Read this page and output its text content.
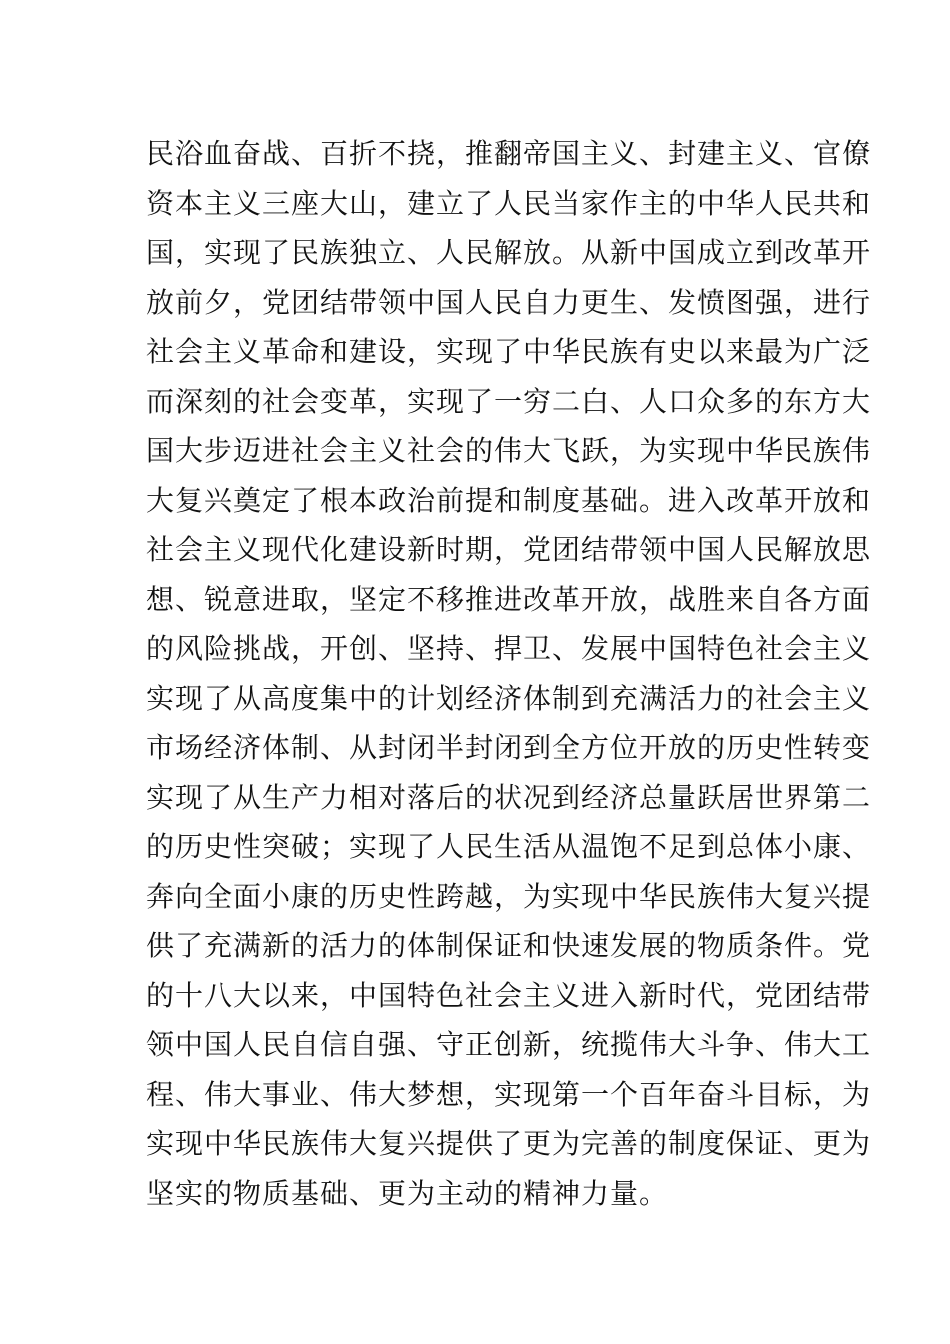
民浴血奋战、百折不挠，推翻帝国主义、封建主义、官僚
资本主义三座大山，建立了人民当家作主的中华人民共和
国，实现了民族独立、人民解放。从新中国成立到改革开
放前夕，党团结带领中国人民自力更生、发愤图强，进行
社会主义革命和建设，实现了中华民族有史以来最为广泛
而深刻的社会变革，实现了一穷二白、人口众多的东方大
国大步迈进社会主义社会的伟大飞跃，为实现中华民族伟
大复兴奠定了根本政治前提和制度基础。进入改革开放和
社会主义现代化建设新时期，党团结带领中国人民解放思
想、锐意进取，坚定不移推进改革开放，战胜来自各方面
的风险挑战，开创、坚持、捍卫、发展中国特色社会主义
实现了从高度集中的计划经济体制到充满活力的社会主义
市场经济体制、从封闭半封闭到全方位开放的历史性转变
实现了从生产力相对落后的状况到经济总量跃居世界第二
的历史性突破；实现了人民生活从温饱不足到总体小康、
奔向全面小康的历史性跨越，为实现中华民族伟大复兴提
供了充满新的活力的体制保证和快速发展的物质条件。党
的十八大以来，中国特色社会主义进入新时代，党团结带
领中国人民自信自强、守正创新，统揽伟大斗争、伟大工
程、伟大事业、伟大梦想，实现第一个百年奋斗目标，为
实现中华民族伟大复兴提供了更为完善的制度保证、更为
坚实的物质基础、更为主动的精神力量。
